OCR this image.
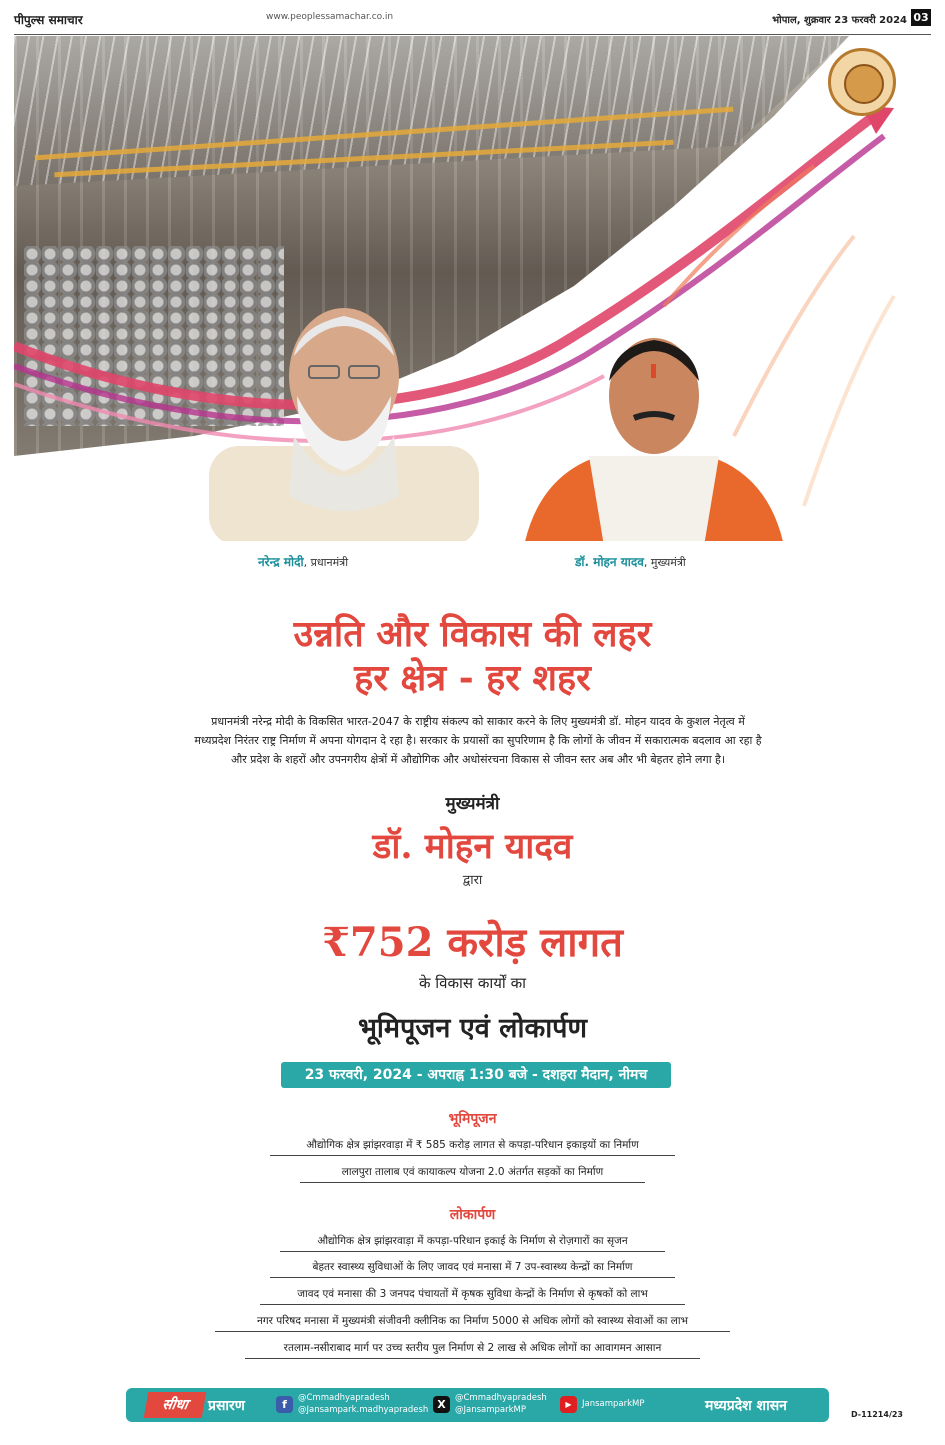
पीपुल्स समाचार	www.peoplessamachar.co.in	भोपाल, शुक्रवार 23 फरवरी 2024 03
नरेन्द्र मोदी, प्रधानमंत्री	डॉ. मोहन यादव, मुख्यमंत्री
उन्नति और विकास की लहर
हर क्षेत्र - हर शहर
प्रधानमंत्री नरेन्द्र मोदी के विकसित भारत-2047 के राष्ट्रीय संकल्प को साकार करने के लिए मुख्यमंत्री डॉ. मोहन यादव के कुशल नेतृत्व में
मध्यप्रदेश निरंतर राष्ट्र निर्माण में अपना योगदान दे रहा है। सरकार के प्रयासों का सुपरिणाम है कि लोगों के जीवन में सकारात्मक बदलाव आ रहा है
और प्रदेश के शहरों और उपनगरीय क्षेत्रों में औद्योगिक और अधोसंरचना विकास से जीवन स्तर अब और भी बेहतर होने लगा है।
मुख्यमंत्री
डॉ. मोहन यादव
द्वारा
₹752 करोड़ लागत
के विकास कार्यों का
भूमिपूजन एवं लोकार्पण
23 फरवरी, 2024 - अपराह्न 1:30 बजे - दशहरा मैदान, नीमच
भूमिपूजन
औद्योगिक क्षेत्र झांझरवाड़ा में ₹ 585 करोड़ लागत से कपड़ा-परिधान इकाइयों का निर्माण
लालपुरा तालाब एवं कायाकल्प योजना 2.0 अंतर्गत सड़कों का निर्माण
लोकार्पण
औद्योगिक क्षेत्र झांझरवाड़ा में कपड़ा-परिधान इकाई के निर्माण से रोज़गारों का सृजन
बेहतर स्वास्थ्य सुविधाओं के लिए जावद एवं मनासा में 7 उप-स्वास्थ्य केन्द्रों का निर्माण
जावद एवं मनासा की 3 जनपद पंचायतों में कृषक सुविधा केन्द्रों के निर्माण से कृषकों को लाभ
नगर परिषद मनासा में मुख्यमंत्री संजीवनी क्लीनिक का निर्माण 5000 से अधिक लोगों को स्वास्थ्य सेवाओं का लाभ
रतलाम-नसीराबाद मार्ग पर उच्च स्तरीय पुल निर्माण से 2 लाख से अधिक लोगों का आवागमन आसान
सीधा	प्रसारण	f	@Cmmadhyapradesh
@Jansampark.madhyapradesh X	@Cmmadhyapradesh
@JansamparkMP
▶	JansamparkMP	मध्यप्रदेश शासन
D-11214/23
